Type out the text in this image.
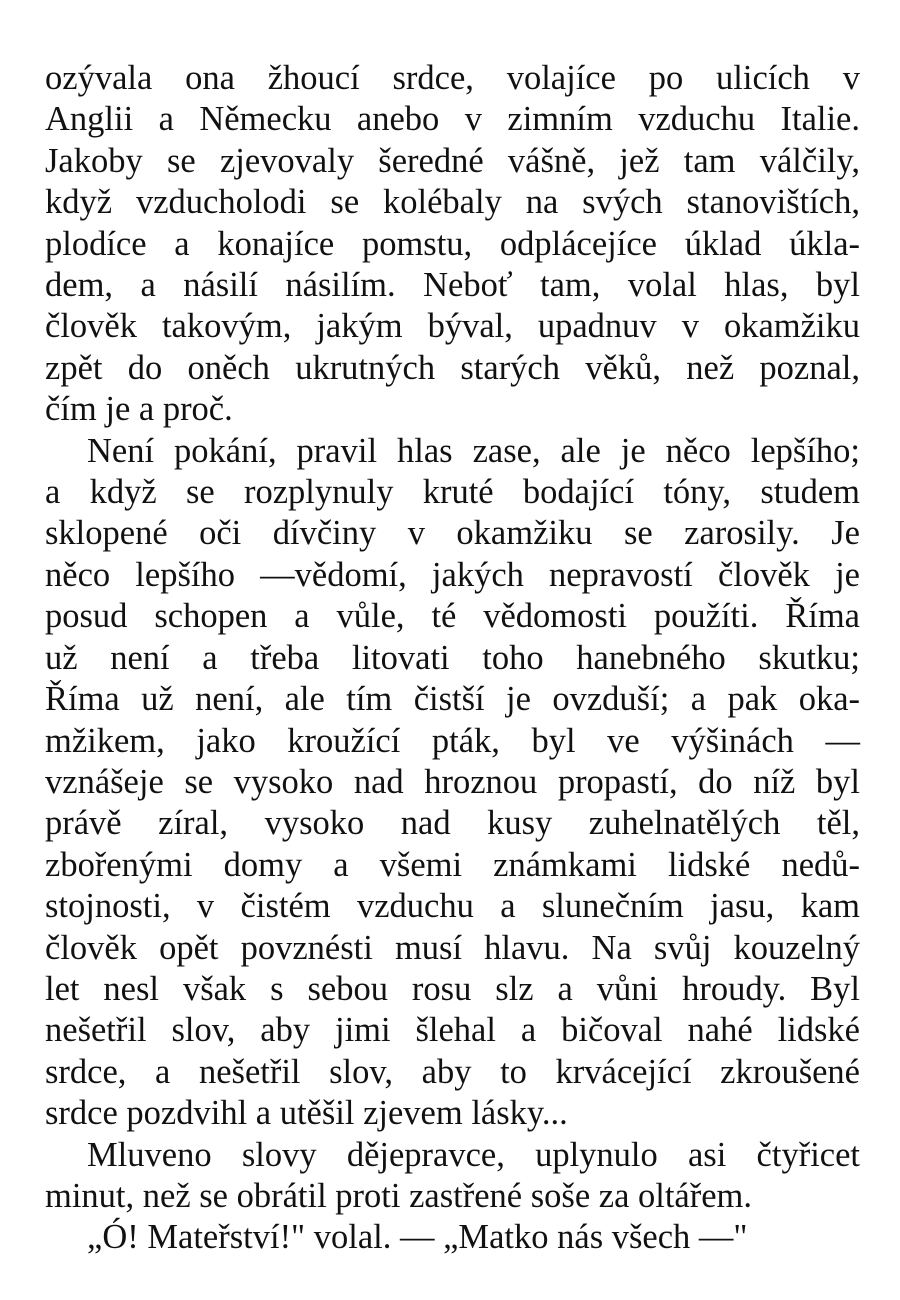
ozývala ona žhoucí srdce, volajíce po ulicích v
Anglii a Německu anebo v zimním vzduchu Italie.
Jakoby se zjevovaly šeredné vášně, jež tam válčily,
když vzducholodi se kolébaly na svých stanovištích,
plodíce a konajíce pomstu, odplácejíce úklad úkla-
dem, a násilí násilím. Neboť tam, volal hlas, byl
člověk takovým, jakým býval, upadnuv v okamžiku
zpět do oněch ukrutných starých věků, než poznal,
čím je a proč.

Není pokání, pravil hlas zase, ale je něco lepšího;
a když se rozplynuly kruté bodající tóny, studem
sklopené oči dívčiny v okamžiku se zarosily. Je
něco lepšího —vědomí, jakých nepravostí člověk je
posud schopen a vůle, té vědomosti použíti. Říma
už není a třeba litovati toho hanebného skutku;
Říma už není, ale tím čistší je ovzduší; a pak oka-
mžikem, jako kroužící pták, byl ve výšinách —
vznášeje se vysoko nad hroznou propastí, do níž byl
právě zíral, vysoko nad kusy zuhelnatělých těl,
zbořenými domy a všemi známkami lidské nedů-
stojnosti, v čistém vzduchu a slunečním jasu, kam
člověk opět povznésti musí hlavu. Na svůj kouzelný
let nesl však s sebou rosu slz a vůni hroudy. Byl
nešetřil slov, aby jimi šlehal a bičoval nahé lidské
srdce, a nešetřil slov, aby to krvácející zkroušené
srdce pozdvihl a utěšil zjevem lásky...

Mluveno slovy dějepravce, uplynulo asi čtyřicet
minut, než se obrátil proti zastřené soše za oltářem.

„Ó! Mateřství!" volal. — „Matko nás všech —"
